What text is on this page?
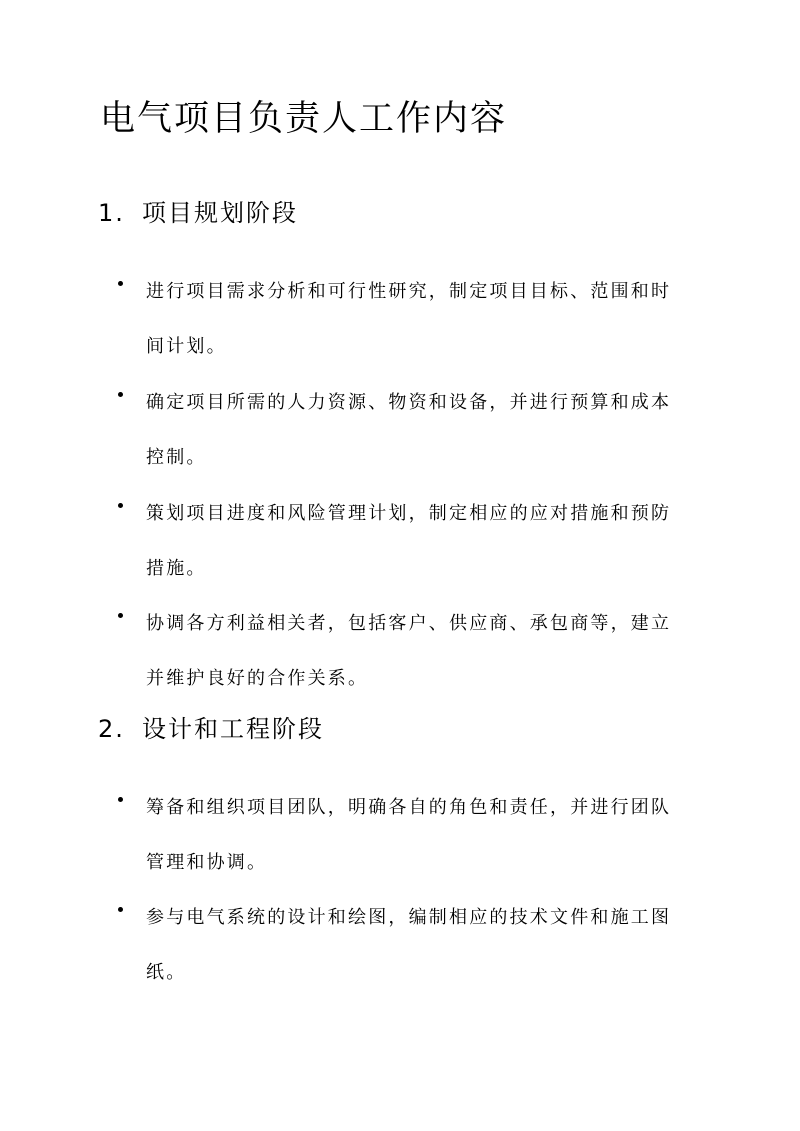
电气项目负责人工作内容
1. 项目规划阶段

进行项目需求分析和可行性研究，制定项目目标、范围和时
间计划。

确定项目所需的人力资源、物资和设备，并进行预算和成本
控制。

策划项目进度和风险管理计划，制定相应的应对措施和预防
措施。

协调各方利益相关者，包括客户、供应商、承包商等，建立
并维护良好的合作关系。

2. 设计和工程阶段

筹备和组织项目团队，明确各自的角色和责任，并进行团队
管理和协调。

参与电气系统的设计和绘图，编制相应的技术文件和施工图
纸。
